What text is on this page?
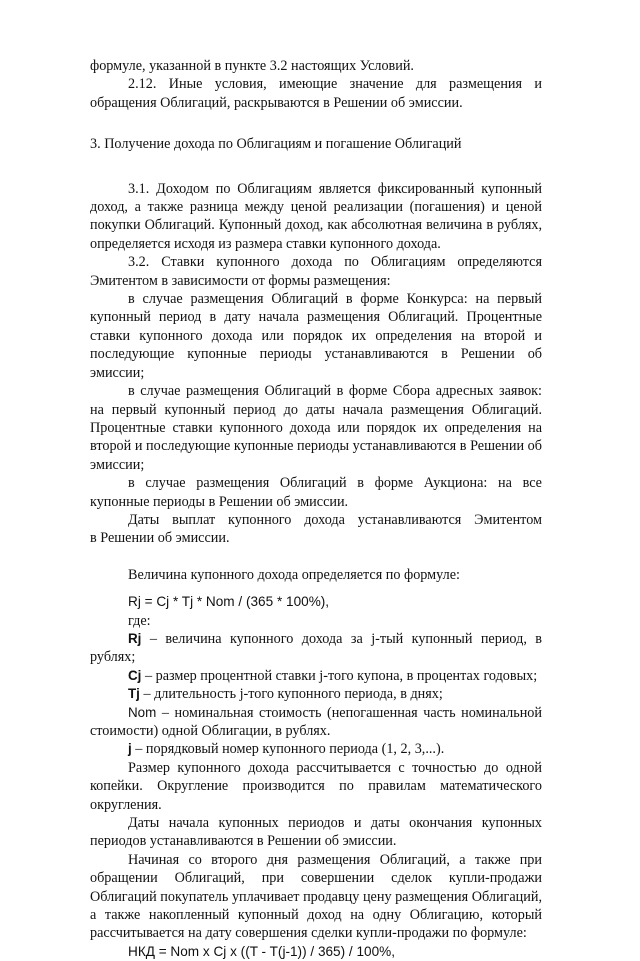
формуле, указанной в пункте 3.2 настоящих Условий.

2.12. Иные условия, имеющие значение для размещения и обращения Облигаций, раскрываются в Решении об эмиссии.

3. Получение дохода по Облигациям и погашение Облигаций

3.1. Доходом по Облигациям является фиксированный купонный доход, а также разница между ценой реализации (погашения) и ценой покупки Облигаций. Купонный доход, как абсолютная величина в рублях, определяется исходя из размера ставки купонного дохода.

3.2. Ставки купонного дохода по Облигациям определяются Эмитентом в зависимости от формы размещения:

в случае размещения Облигаций в форме Конкурса: на первый купонный период в дату начала размещения Облигаций. Процентные ставки купонного дохода или порядок их определения на второй и последующие купонные периоды устанавливаются в Решении об эмиссии;

в случае размещения Облигаций в форме Сбора адресных заявок: на первый купонный период до даты начала размещения Облигаций. Процентные ставки купонного дохода или порядок их определения на второй и последующие купонные периоды устанавливаются в Решении об эмиссии;

в случае размещения Облигаций в форме Аукциона: на все купонные периоды в Решении об эмиссии.

Даты выплат купонного дохода устанавливаются Эмитентом

в Решении об эмиссии.

Величина купонного дохода определяется по формуле:

Rj = Cj * Tj * Nom / (365 * 100%),

где:

Rj – величина купонного дохода за j-тый купонный период, в рублях;

Cj – размер процентной ставки j-того купона, в процентах годовых;

Tj – длительность j-того купонного периода, в днях;

Nom – номинальная стоимость (непогашенная часть номинальной стоимости) одной Облигации, в рублях.

j – порядковый номер купонного периода (1, 2, 3,...).

Размер купонного дохода рассчитывается с точностью до одной копейки. Округление производится по правилам математического округления.

Даты начала купонных периодов и даты окончания купонных периодов устанавливаются в Решении об эмиссии.

Начиная со второго дня размещения Облигаций, а также при обращении Облигаций, при совершении сделок купли-продажи Облигаций покупатель уплачивает продавцу цену размещения Облигаций, а также накопленный купонный доход на одну Облигацию, который рассчитывается на дату совершения сделки купли-продажи по формуле:

НКД = Nom x Cj x ((T - T(j-1)) / 365) / 100%,
